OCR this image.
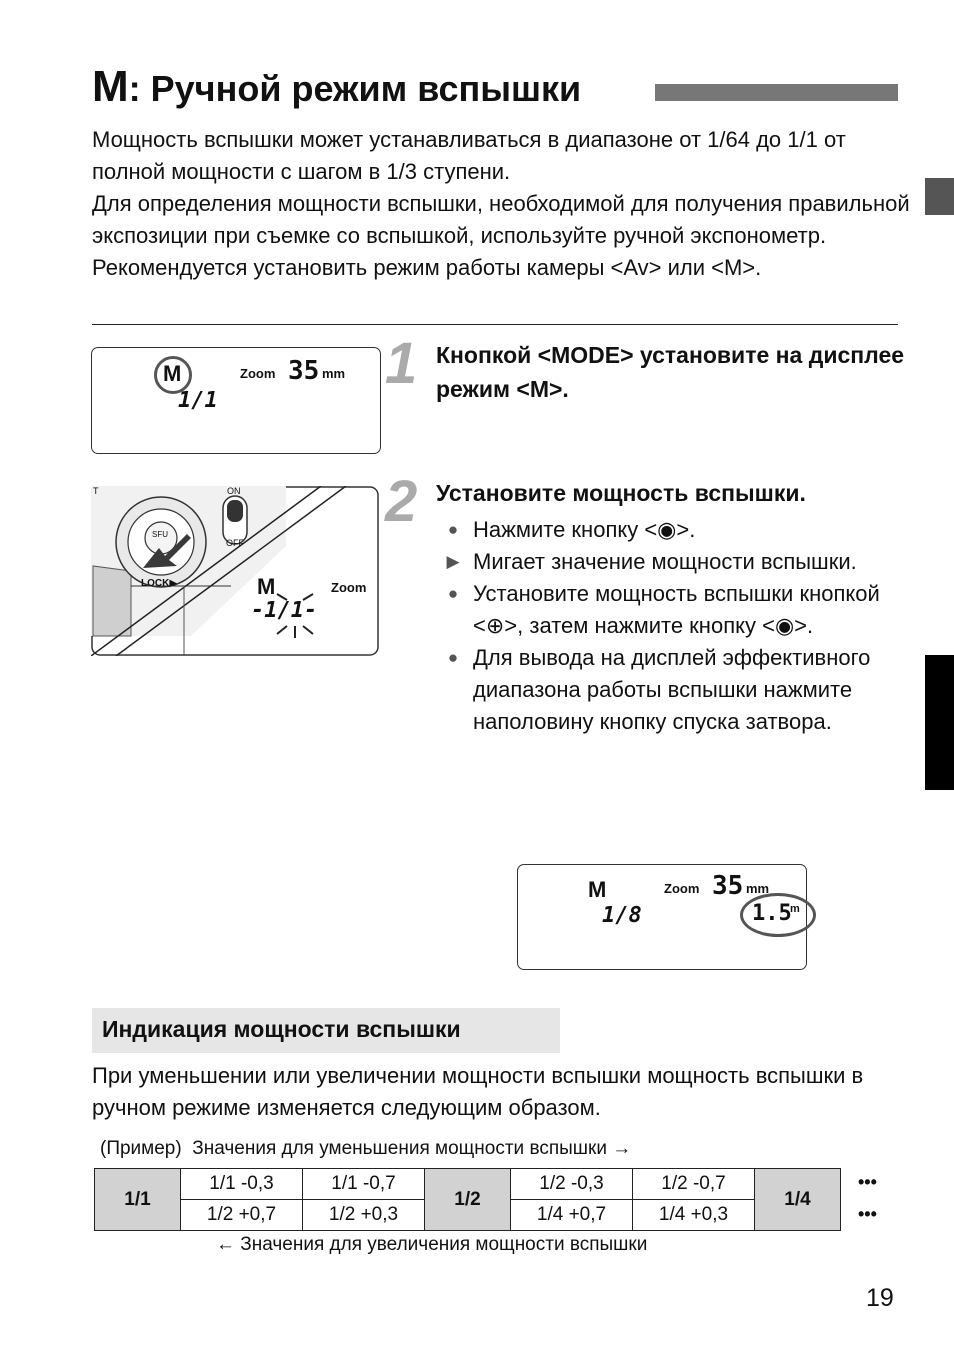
M: Ручной режим вспышки

Мощность вспышки может устанавливаться в диапазоне от 1/64 до 1/1 от полной мощности с шагом в 1/3 ступени.

Для определения мощности вспышки, необходимой для получения правильной экспозиции при съемке со вспышкой, используйте ручной экспонометр. Рекомендуется установить режим работы камеры <Av> или <M>.

M	Zoom 35 mm
1/1
1 Кнопкой <MODE> установите на дисплее режим <M>.
ON
OFF
T
SFU
LOCK▶	M	Zoom
-1/1-
2 Установите мощность вспышки.
● Нажмите кнопку <◉>.
▶ Мигает значение мощности вспышки.
● Установите мощность вспышки кнопкой <⊕>, затем нажмите кнопку <◉>.
● Для вывода на дисплей эффективного диапазона работы вспышки нажмите наполовину кнопку спуска затвора.
M	Zoom 35 mm
1/8	1.5
m
Индикация мощности вспышки
При уменьшении или увеличении мощности вспышки мощность вспышки в ручном режиме изменяется следующим образом.
(Пример) Значения для уменьшения мощности вспышки →
1/1	1/1 -0,3	1/1 -0,7	1/2	1/2 -0,3	1/2 -0,7	1/4
	1/2 +0,7	1/2 +0,3		1/4 +0,7	1/4 +0,3	
•••
•••
← Значения для увеличения мощности вспышки
19
